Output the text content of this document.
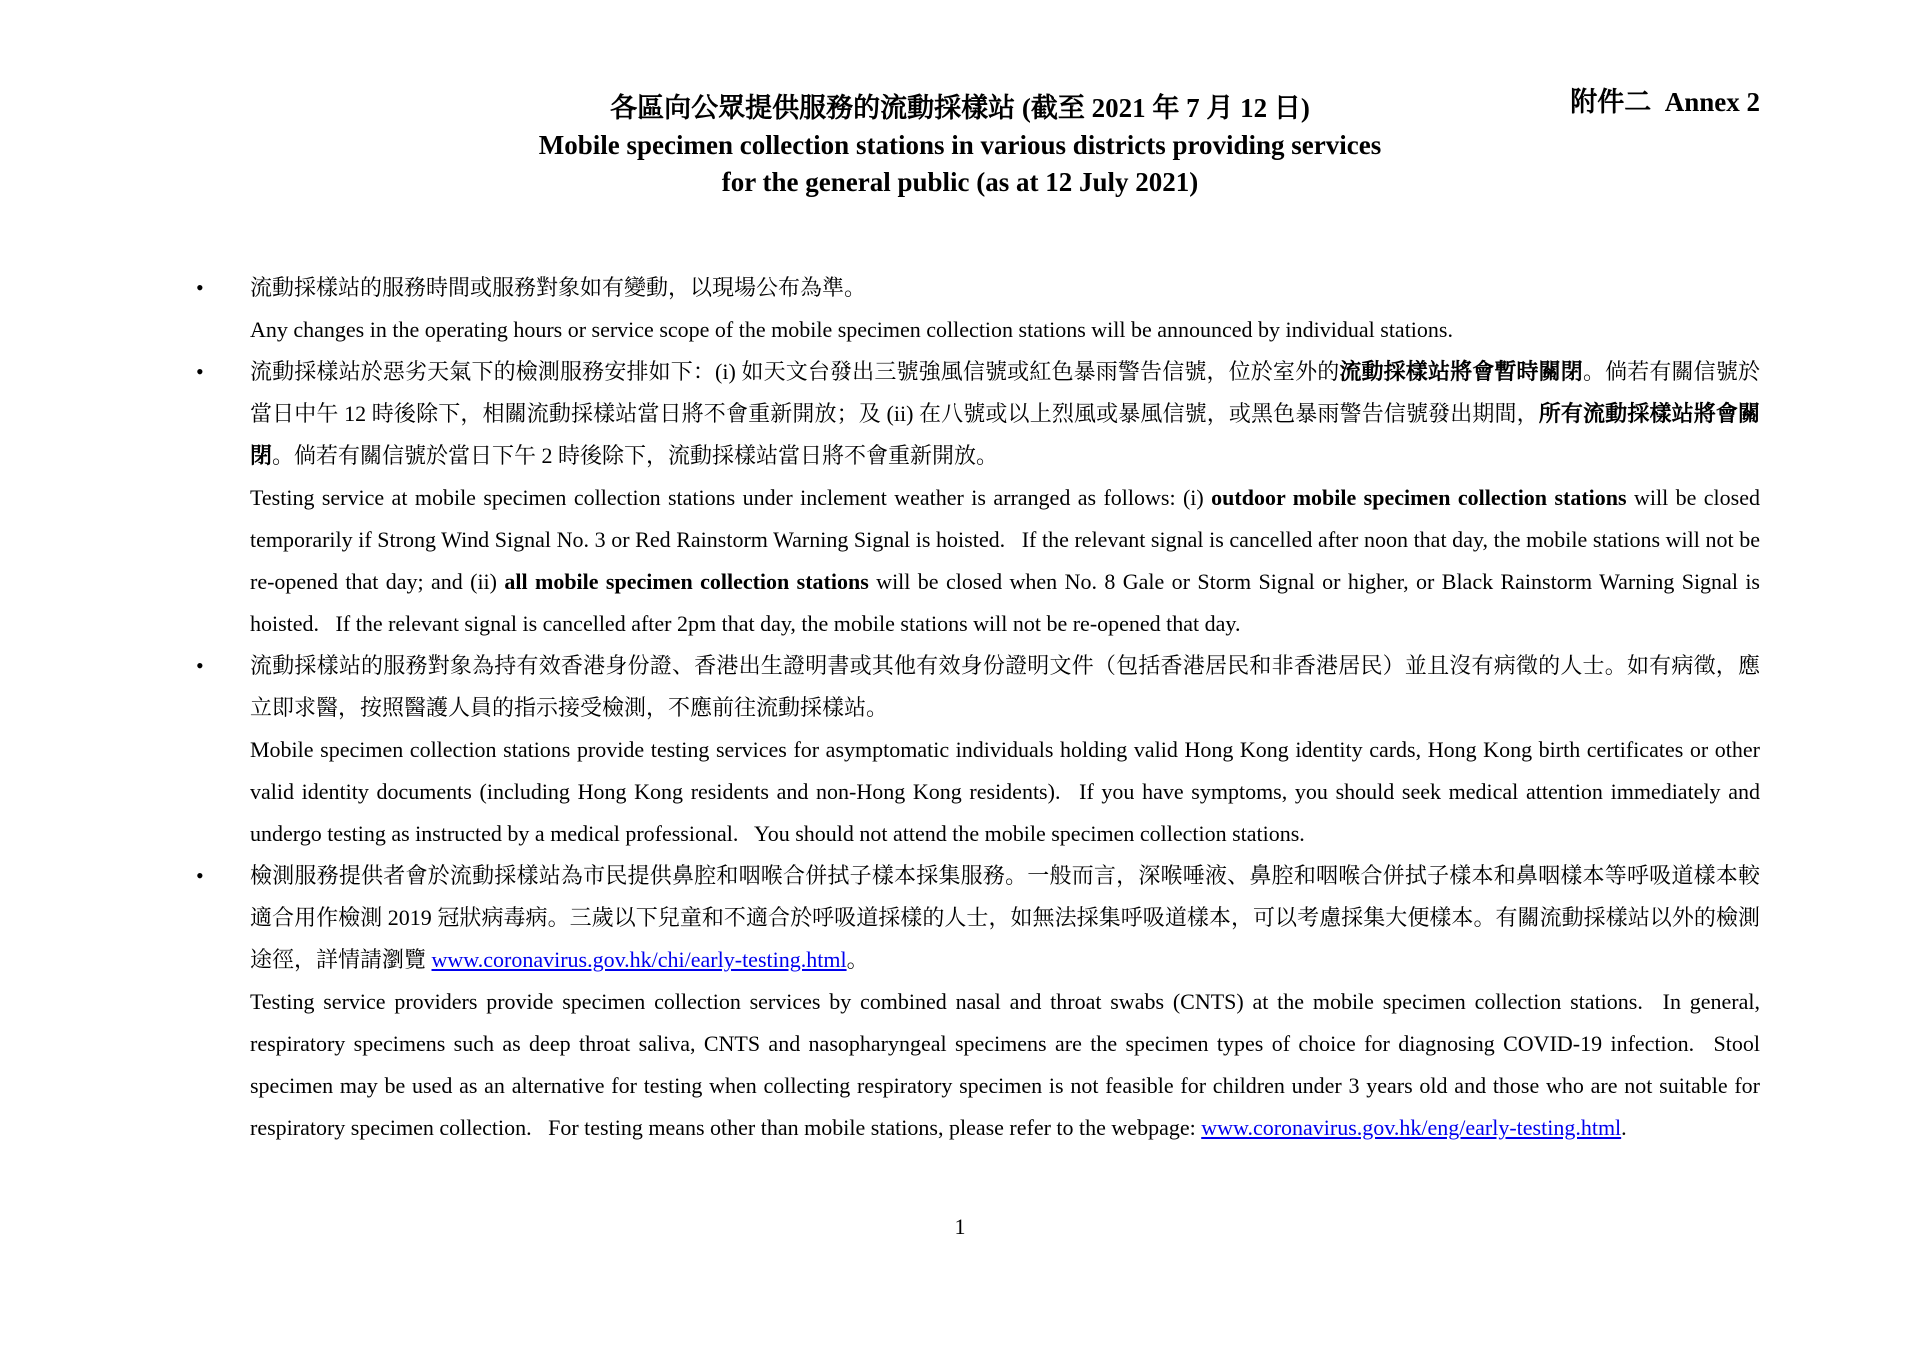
附件二 Annex 2
各區向公眾提供服務的流動採樣站 (截至 2021 年 7 月 12 日)
Mobile specimen collection stations in various districts providing services
for the general public (as at 12 July 2021)
•	流動採樣站的服務時間或服務對象如有變動，以現場公布為準。

Any changes in the operating hours or service scope of the mobile specimen collection stations will be announced by individual stations.

•	流動採樣站於惡劣天氣下的檢測服務安排如下：(i) 如天文台發出三號強風信號或紅色暴雨警告信號，位於室外的流動採樣站將會暫時關閉。倘若有關信號於當日中午 12 時後除下，相關流動採樣站當日將不會重新開放；及 (ii) 在八號或以上烈風或暴風信號，或黑色暴雨警告信號發出期間，所有流動採樣站將會關閉。倘若有關信號於當日下午 2 時後除下，流動採樣站當日將不會重新開放。

Testing service at mobile specimen collection stations under inclement weather is arranged as follows: (i) outdoor mobile specimen collection stations will be closed temporarily if Strong Wind Signal No. 3 or Red Rainstorm Warning Signal is hoisted.  If the relevant signal is cancelled after noon that day, the mobile stations will not be re-opened that day; and (ii) all mobile specimen collection stations will be closed when No. 8 Gale or Storm Signal or higher, or Black Rainstorm Warning Signal is hoisted.  If the relevant signal is cancelled after 2pm that day, the mobile stations will not be re-opened that day.

•	流動採樣站的服務對象為持有效香港身份證、香港出生證明書或其他有效身份證明文件（包括香港居民和非香港居民）並且沒有病徵的人士。如有病徵，應立即求醫，按照醫護人員的指示接受檢測，不應前往流動採樣站。

Mobile specimen collection stations provide testing services for asymptomatic individuals holding valid Hong Kong identity cards, Hong Kong birth certificates or other valid identity documents (including Hong Kong residents and non-Hong Kong residents).  If you have symptoms, you should seek medical attention immediately and undergo testing as instructed by a medical professional.  You should not attend the mobile specimen collection stations.

•	檢測服務提供者會於流動採樣站為市民提供鼻腔和咽喉合併拭子樣本採集服務。一般而言，深喉唾液、鼻腔和咽喉合併拭子樣本和鼻咽樣本等呼吸道樣本較適合用作檢測 2019 冠狀病毒病。三歲以下兒童和不適合於呼吸道採樣的人士，如無法採集呼吸道樣本，可以考慮採集大便樣本。有關流動採樣站以外的檢測途徑，詳情請瀏覽 www.coronavirus.gov.hk/chi/early-testing.html。

Testing service providers provide specimen collection services by combined nasal and throat swabs (CNTS) at the mobile specimen collection stations.  In general, respiratory specimens such as deep throat saliva, CNTS and nasopharyngeal specimens are the specimen types of choice for diagnosing COVID-19 infection.  Stool specimen may be used as an alternative for testing when collecting respiratory specimen is not feasible for children under 3 years old and those who are not suitable for respiratory specimen collection.  For testing means other than mobile stations, please refer to the webpage: www.coronavirus.gov.hk/eng/early-testing.html.

1
